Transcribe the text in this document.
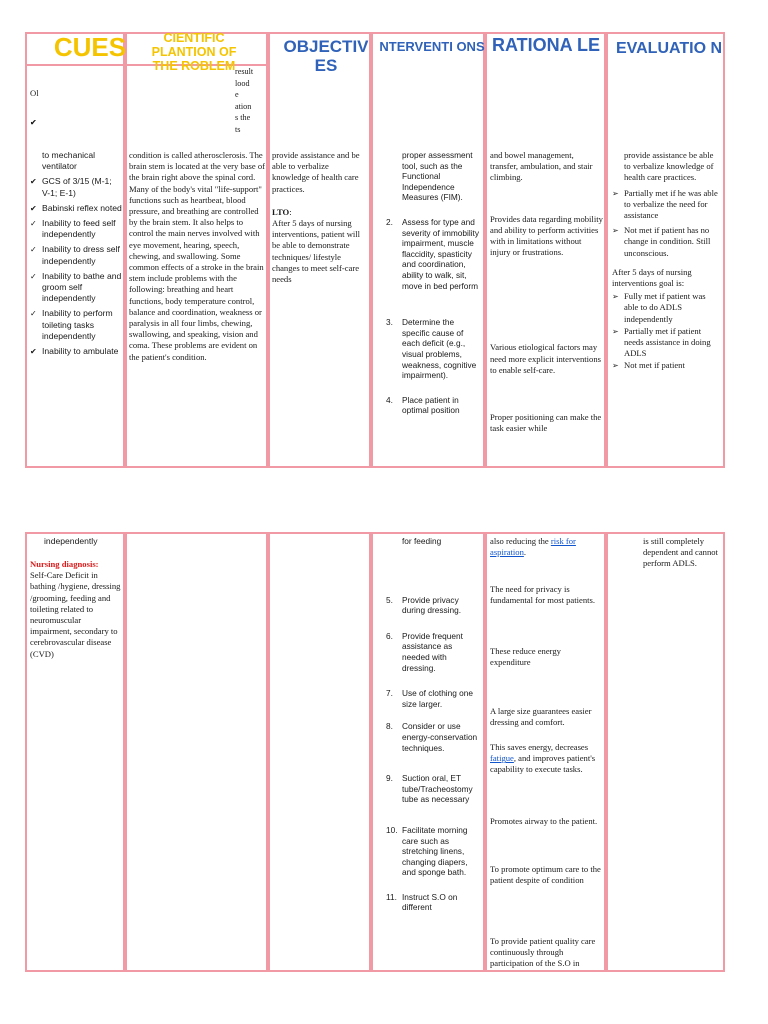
CUES	CIENTIFIC PLANTION OF THE ROBLEM
OBJECTIV ES
NTERVENTI ONS RATIONA LE EVALUATIO N
Ol
result
lood
e
ation
s the
ts
to mechanical ventilator
✔ GCS of 3/15 (M-1; V-1; E-1)
✔ Babinski reflex noted
✓ Inability to feed self independently
✓ Inability to dress self independently
✓ Inability to bathe and groom self independently
✓ Inability to perform toileting tasks independently
✔ Inability to ambulate
condition is called atherosclerosis. The brain stem is located at the very base of the brain right above the spinal cord. Many of the body's vital "life-support" functions such as heartbeat, blood pressure, and breathing are controlled by the brain stem. It also helps to control the main nerves involved with eye movement, hearing, speech, chewing, and swallowing. Some common effects of a stroke in the brain stem include problems with the following: breathing and heart functions, body temperature control, balance and coordination, weakness or paralysis in all four limbs, chewing, swallowing, and speaking, vision and coma. These problems are evident on the patient's condition.

provide assistance and be able to verbalize knowledge of health care practices.

LTO:

After 5 days of nursing interventions, patient will be able to demonstrate techniques/ lifestyle changes to meet self-care needs

proper assessment tool, such as the Functional Independence Measures (FIM).

2. Assess for type and severity of immobility impairment, muscle flaccidity, spasticity and coordination, ability to walk, sit, move in bed perform
3. Determine the specific cause of each deficit (e.g., visual problems, weakness, cognitive impairment).
4. Place patient in optimal position

and bowel management, transfer, ambulation, and stair climbing.

Provides data regarding mobility and ability to perform activities with in limitations without injury or frustrations.

Various etiological factors may need more explicit interventions to enable self-care.

Proper positioning can make the task easier while

provide assistance be able to verbalize knowledge of health care practices.
➢ Partially met if he was able to verbalize the need for assistance
➢ Not met if patient has no change in condition. Still unconscious.

After 5 days of nursing interventions goal is:

➢ Fully met if patient was able to do ADLS independently
➢ Partially met if patient needs assistance in doing ADLS
➢ Not met if patient

independently

Nursing diagnosis:

Self-Care Deficit in bathing /hygiene, dressing /grooming, feeding and toileting related to neuromuscular impairment, secondary to cerebrovascular disease (CVD)

for feeding

5. Provide privacy during dressing.
6. Provide frequent assistance as needed with dressing.
7. Use of clothing one size larger.
8. Consider or use energy-conservation techniques.
9. Suction oral, ET tube/Tracheostomy tube as necessary
10. Facilitate morning care such as stretching linens, changing diapers, and sponge bath.
11. Instruct S.O on different

also reducing the risk for aspiration.

The need for privacy is fundamental for most patients.

These reduce energy expenditure

A large size guarantees easier dressing and comfort.

This saves energy, decreases fatigue, and improves patient's capability to execute tasks.

Promotes airway to the patient.

To promote optimum care to the patient despite of condition

To provide patient quality care continuously through participation of the S.O in

is still completely dependent and cannot perform ADLS.
